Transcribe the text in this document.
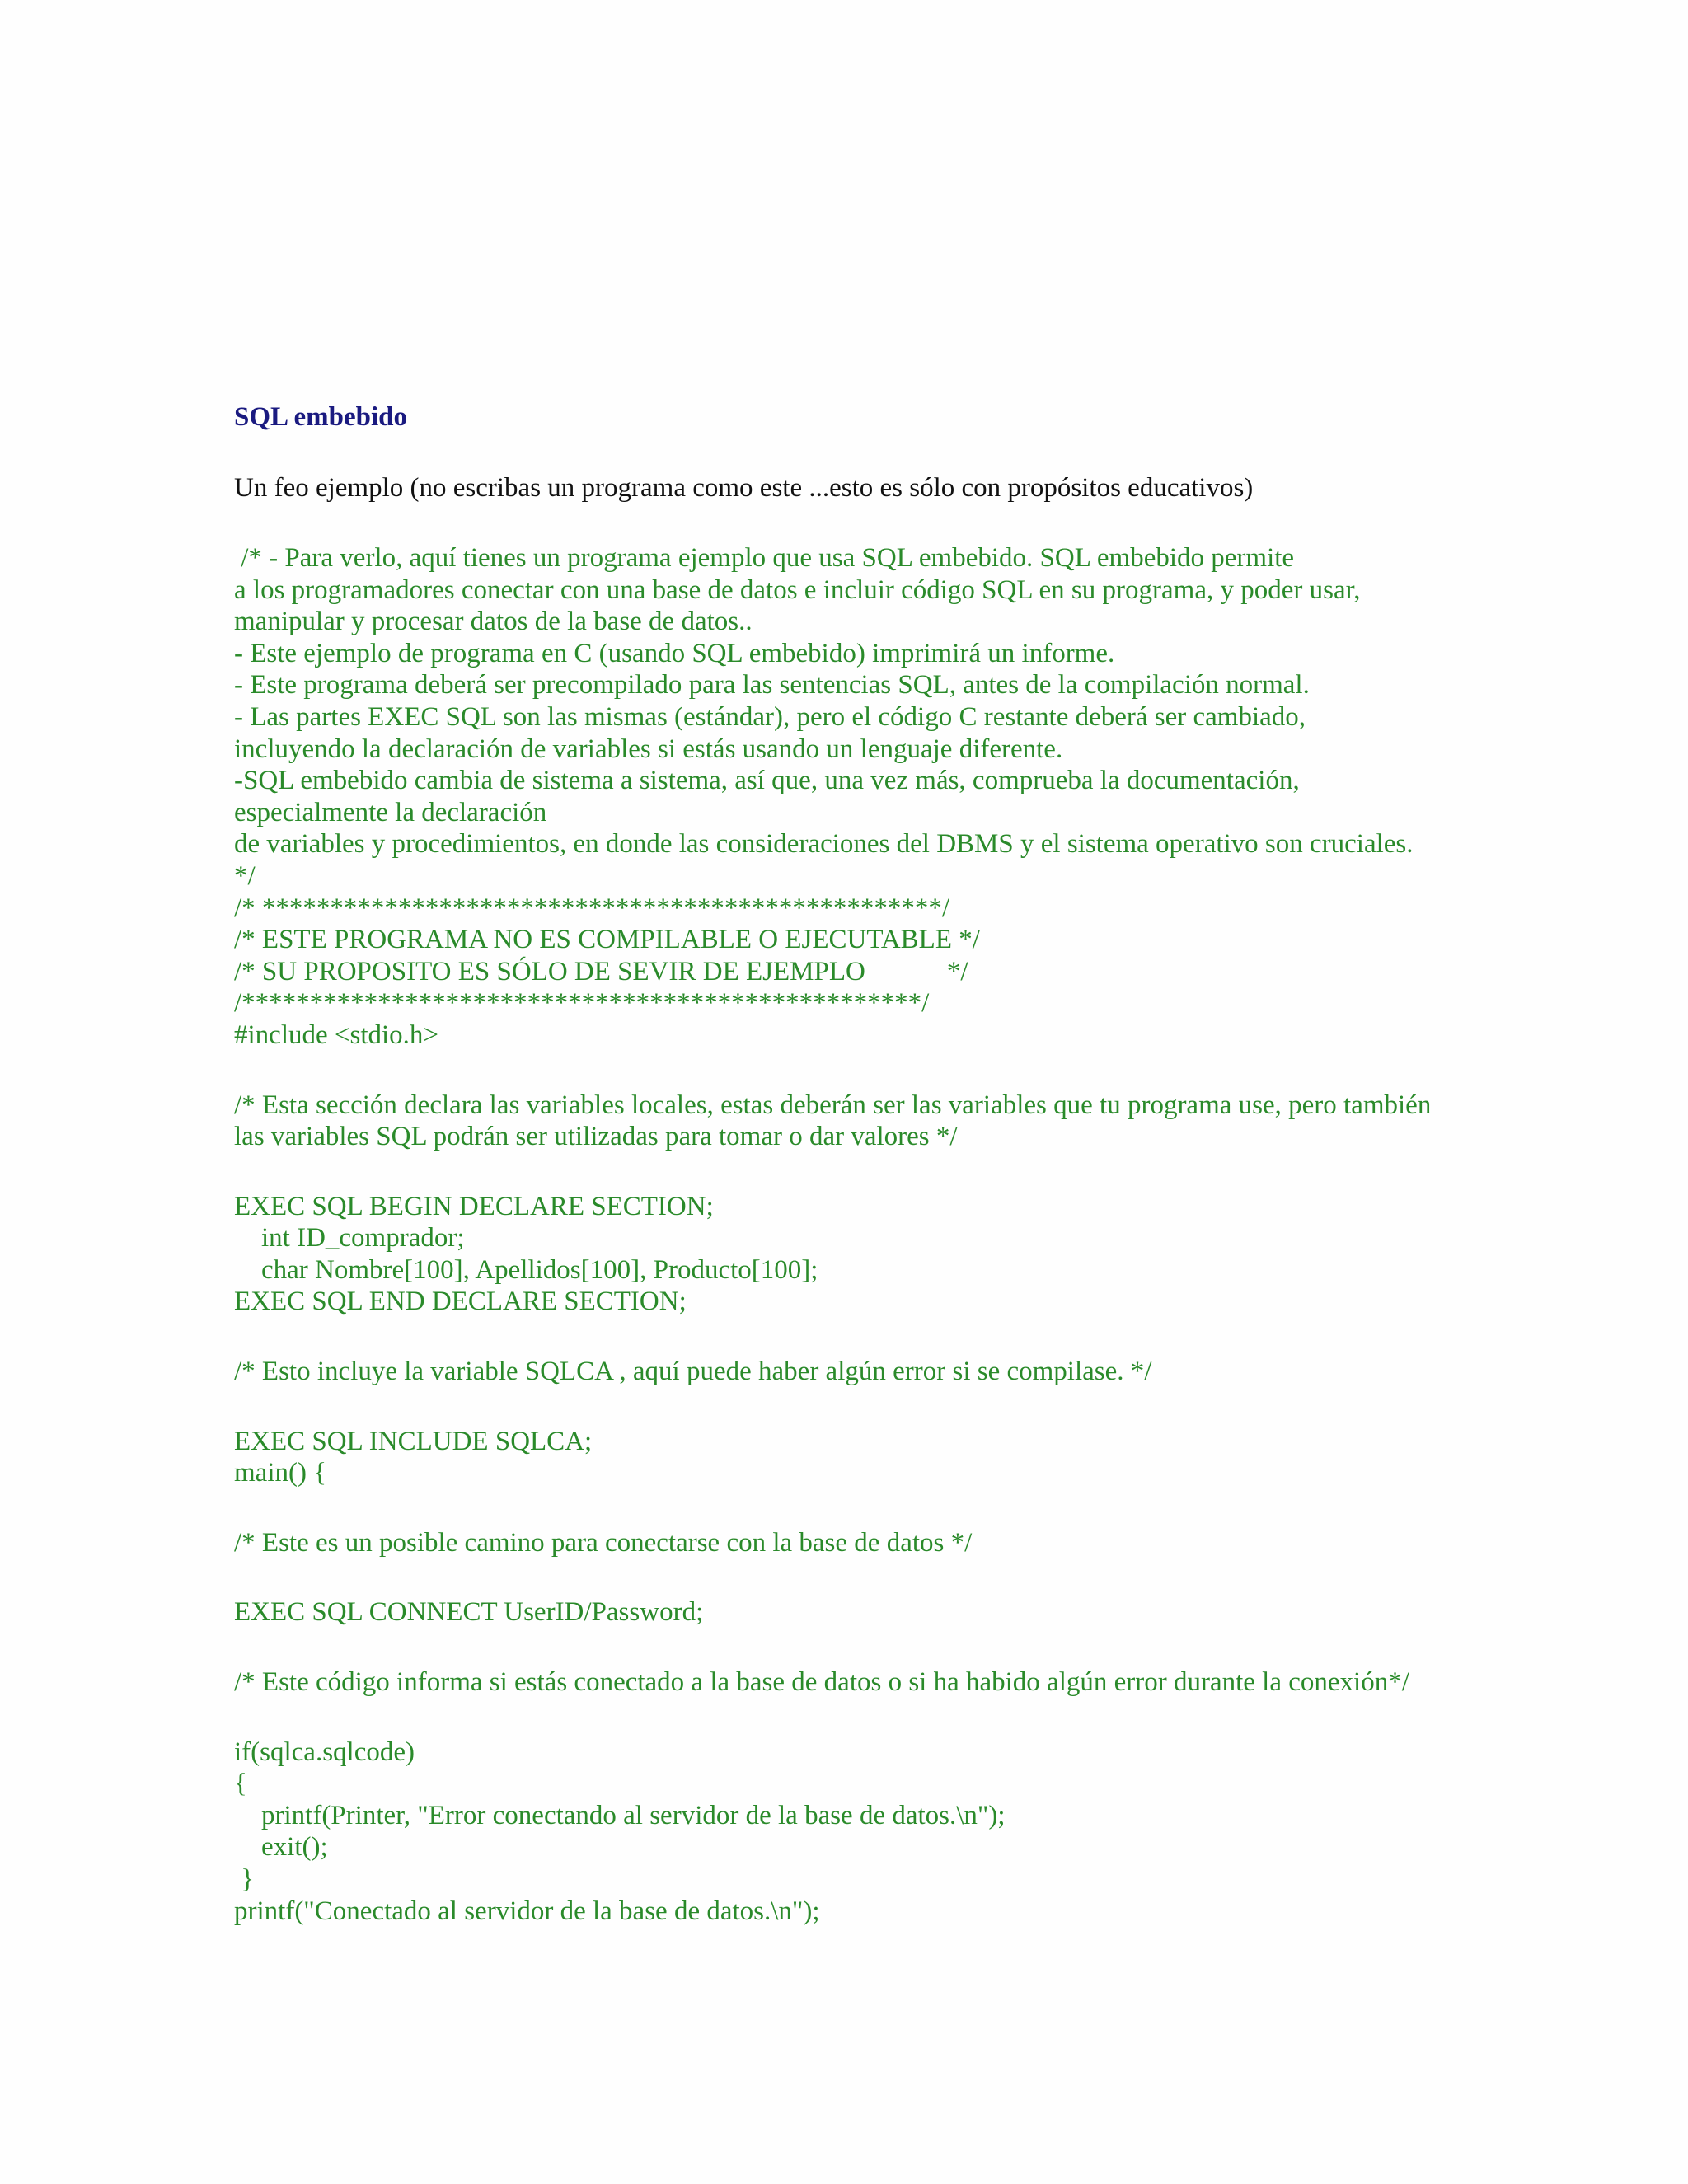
SQL embebido
Un feo ejemplo (no escribas un programa como este ...esto es sólo con propósitos educativos)
/* - Para verlo, aquí tienes un programa ejemplo que usa SQL embebido. SQL embebido permite
a los programadores conectar con una base de datos e incluir código SQL en su programa, y poder usar,
manipular y procesar datos de la base de datos..
- Este ejemplo de programa en C (usando SQL embebido) imprimirá un informe.
- Este programa deberá ser precompilado para las sentencias SQL, antes de la compilación normal.
- Las partes EXEC SQL son las mismas (estándar), pero el código C restante deberá ser cambiado,
incluyendo la declaración de variables si estás usando un lenguaje diferente.
-SQL embebido cambia de sistema a sistema, así que, una vez más, comprueba la documentación,
especialmente la declaración
de variables y procedimientos, en donde las consideraciones del DBMS y el sistema operativo son cruciales.
*/
/* **************************************************/
/* ESTE PROGRAMA NO ES COMPILABLE O EJECUTABLE */
/* SU PROPOSITO ES SÓLO DE SEVIR DE EJEMPLO            */
/**************************************************/
#include <stdio.h>
/* Esta sección declara las variables locales, estas deberán ser las variables que tu programa use, pero también
las variables SQL podrán ser utilizadas para tomar o dar valores */
EXEC SQL BEGIN DECLARE SECTION;
int ID_comprador;
char Nombre[100], Apellidos[100], Producto[100];
EXEC SQL END DECLARE SECTION;
/* Esto incluye la variable SQLCA , aquí puede haber algún error si se compilase. */
EXEC SQL INCLUDE SQLCA;
main() {
/* Este es un posible camino para conectarse con la base de datos */
EXEC SQL CONNECT UserID/Password;
/* Este código informa si estás conectado a la base de datos o si ha habido algún error durante la conexión*/
if(sqlca.sqlcode)
{
printf(Printer, "Error conectando al servidor de la base de datos.\n");
exit();
}
printf("Conectado al servidor de la base de datos.\n");
